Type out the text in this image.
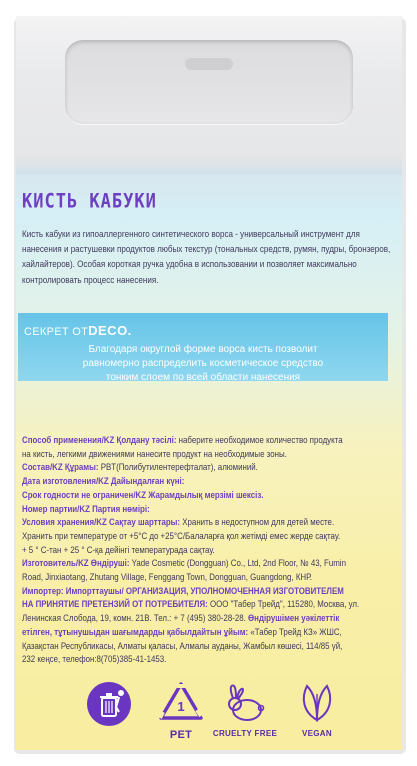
КИСТЬ КАБУКИ
Кисть кабуки из гипоаллергенного синтетического ворса - универсальный инструмент для нанесения и растушевки продуктов любых текстур (тональных средств, румян, пудры, бронзеров, хайлайтеров). Особая короткая ручка удобна в использовании и позволяет максимально контролировать процесс нанесения.
СЕКРЕТ ОТDECO.
Благодаря округлой форме ворса кисть позволит
равномерно распределить косметическое средство
тонким слоем по всей области нанесения
Способ применения/KZ Қолдану тәсілі: наберите необходимое количество продукта
на кисть, легкими движениями нанесите продукт на необходимые зоны.
Состав/KZ Құрамы: PBT(Полибутилентерефталат), алюминий.
Дата изготовления/KZ Дайындалған күні:
Срок годности не ограничен/KZ Жарамдылық мерзімі шексіз.
Номер партии/KZ Партия нөмірі:
Условия хранения/KZ Сақтау шарттары: Хранить в недоступном для детей месте.
Хранить при температуре от +5°C до +25°C/Балаларға қол жетімді емес жерде сақтау.
+ 5 ° C-тан + 25 ° C-қа дейінгі температурада сақтау.
Изготовитель/KZ Өндіруші: Yade Cosmetic (Dongguan) Co., Ltd, 2nd Floor, № 43, Fumin
Road, Jinxiaotang, Zhutang Village, Fenggang Town, Dongguan, Guangdong, КНР.
Импортер: Импорттаушы/ ОРГАНИЗАЦИЯ, УПОЛНОМОЧЕННАЯ ИЗГОТОВИТЕЛЕМ
НА ПРИНЯТИЕ ПРЕТЕНЗИЙ ОТ ПОТРЕБИТЕЛЯ: ООО "Табер Трейд", 115280, Москва, ул.
Ленинская Слобода, 19, комн. 21В. Тел.: + 7 (495) 380-28-28. Өндірушімен уәкілеттік
етілген, тұтынушыдан шағымдарды қабылдайтын ұйым: «Табер Трейд КЗ» ЖШС,
Қазақстан Республикасы, Алматы қаласы, Алмалы ауданы, Жамбыл көшесі, 114/85 үй,
232 кеңсе, телефон:8(705)385-41-1453.
1
PET	CRUELTY FREE	VEGAN
